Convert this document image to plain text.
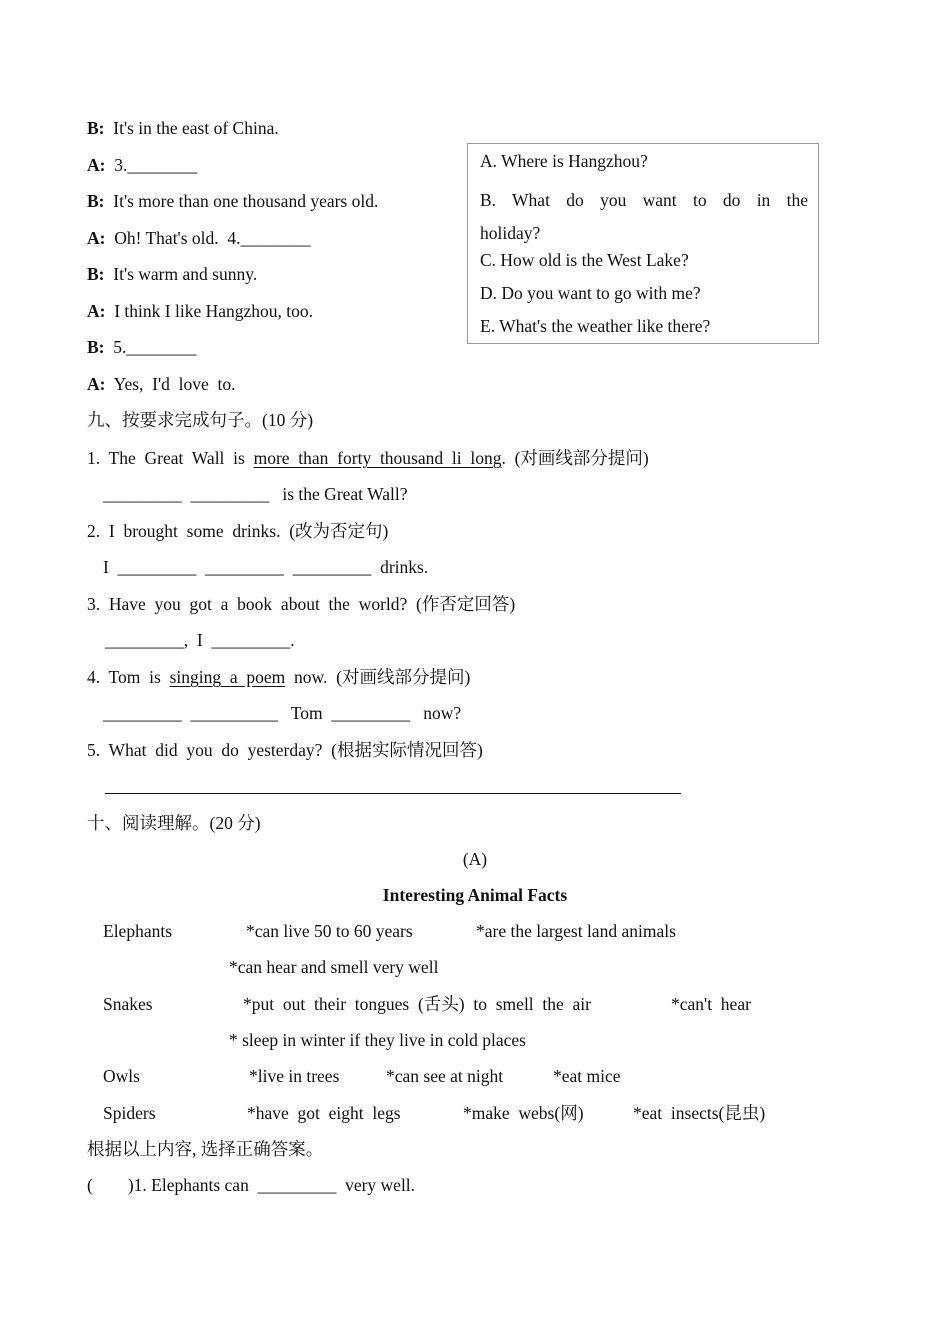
B: It's in the east of China.
A: 3.________
B: It's more than one thousand years old.
A: Oh! That's old.  4.________
B: It's warm and sunny.
A: I think I like Hangzhou, too.
B: 5.________
A: Yes,  I'd  love  to.
A. Where is Hangzhou?
B. What do you want to do in the
holiday?
C. How old is the West Lake?
D. Do you want to go with me?
E. What's the weather like there?
九、按要求完成句子。(10 分)
1.  The  Great  Wall  is  more  than  forty  thousand  li  long.  (对画线部分提问)
_________  _________   is the Great Wall?
2.  I  brought  some  drinks.  (改为否定句)
I  _________  _________  _________  drinks.
3.  Have  you  got  a  book  about  the  world?  (作否定回答)
_________,  I  _________.
4.  Tom  is  singing  a  poem  now.  (对画线部分提问)
_________  __________   Tom  _________   now?
5.  What  did  you  do  yesterday?  (根据实际情况回答)
十、阅读理解。(20 分)
(A)
Interesting Animal Facts
Elephants	*can live 50 to 60 years	*are the largest land animals
*can hear and smell very well
Snakes	*put  out  their  tongues  (舌头)  to  smell  the  air	*can't  hear
* sleep in winter if they live in cold places
Owls	*live in trees	*can see at night	*eat mice
Spiders	*have  got  eight  legs	*make  webs(网)	*eat  insects(昆虫)
根据以上内容, 选择正确答案。
(        )1. Elephants can  _________  very well.
